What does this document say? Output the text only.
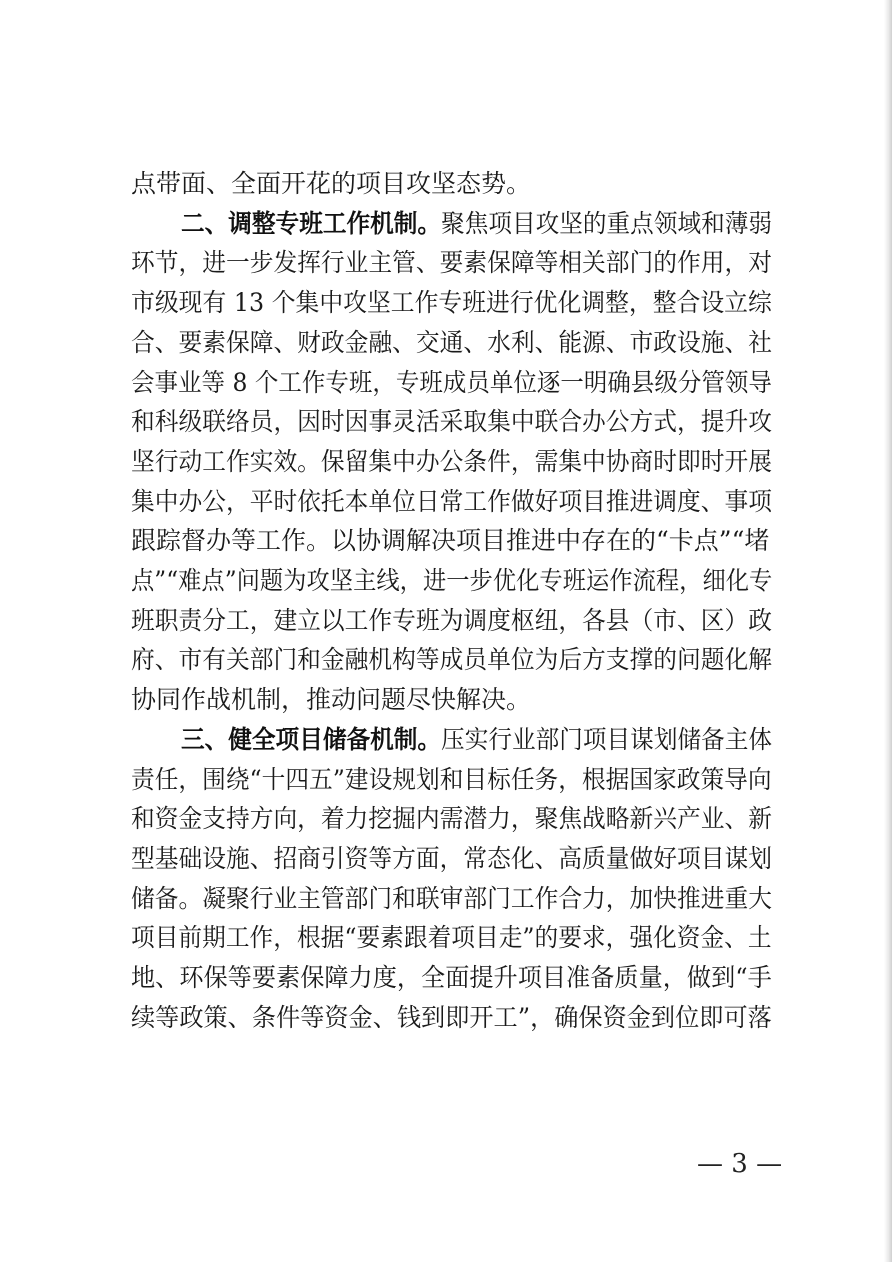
点带面、全面开花的项目攻坚态势。

二、调整专班工作机制。聚焦项目攻坚的重点领域和薄弱

环节，进一步发挥行业主管、要素保障等相关部门的作用，对

市级现有 13 个集中攻坚工作专班进行优化调整，整合设立综

合、要素保障、财政金融、交通、水利、能源、市政设施、社

会事业等 8 个工作专班，专班成员单位逐一明确县级分管领导

和科级联络员，因时因事灵活采取集中联合办公方式，提升攻

坚行动工作实效。保留集中办公条件，需集中协商时即时开展

集中办公，平时依托本单位日常工作做好项目推进调度、事项

跟踪督办等工作。以协调解决项目推进中存在的“卡点”“堵

点”“难点”问题为攻坚主线，进一步优化专班运作流程，细化专

班职责分工，建立以工作专班为调度枢纽，各县（市、区）政

府、市有关部门和金融机构等成员单位为后方支撑的问题化解

协同作战机制，推动问题尽快解决。

三、健全项目储备机制。压实行业部门项目谋划储备主体

责任，围绕“十四五”建设规划和目标任务，根据国家政策导向

和资金支持方向，着力挖掘内需潜力，聚焦战略新兴产业、新

型基础设施、招商引资等方面，常态化、高质量做好项目谋划

储备。凝聚行业主管部门和联审部门工作合力，加快推进重大

项目前期工作，根据“要素跟着项目走”的要求，强化资金、土

地、环保等要素保障力度，全面提升项目准备质量，做到“手

续等政策、条件等资金、钱到即开工”，确保资金到位即可落

— 3 —
